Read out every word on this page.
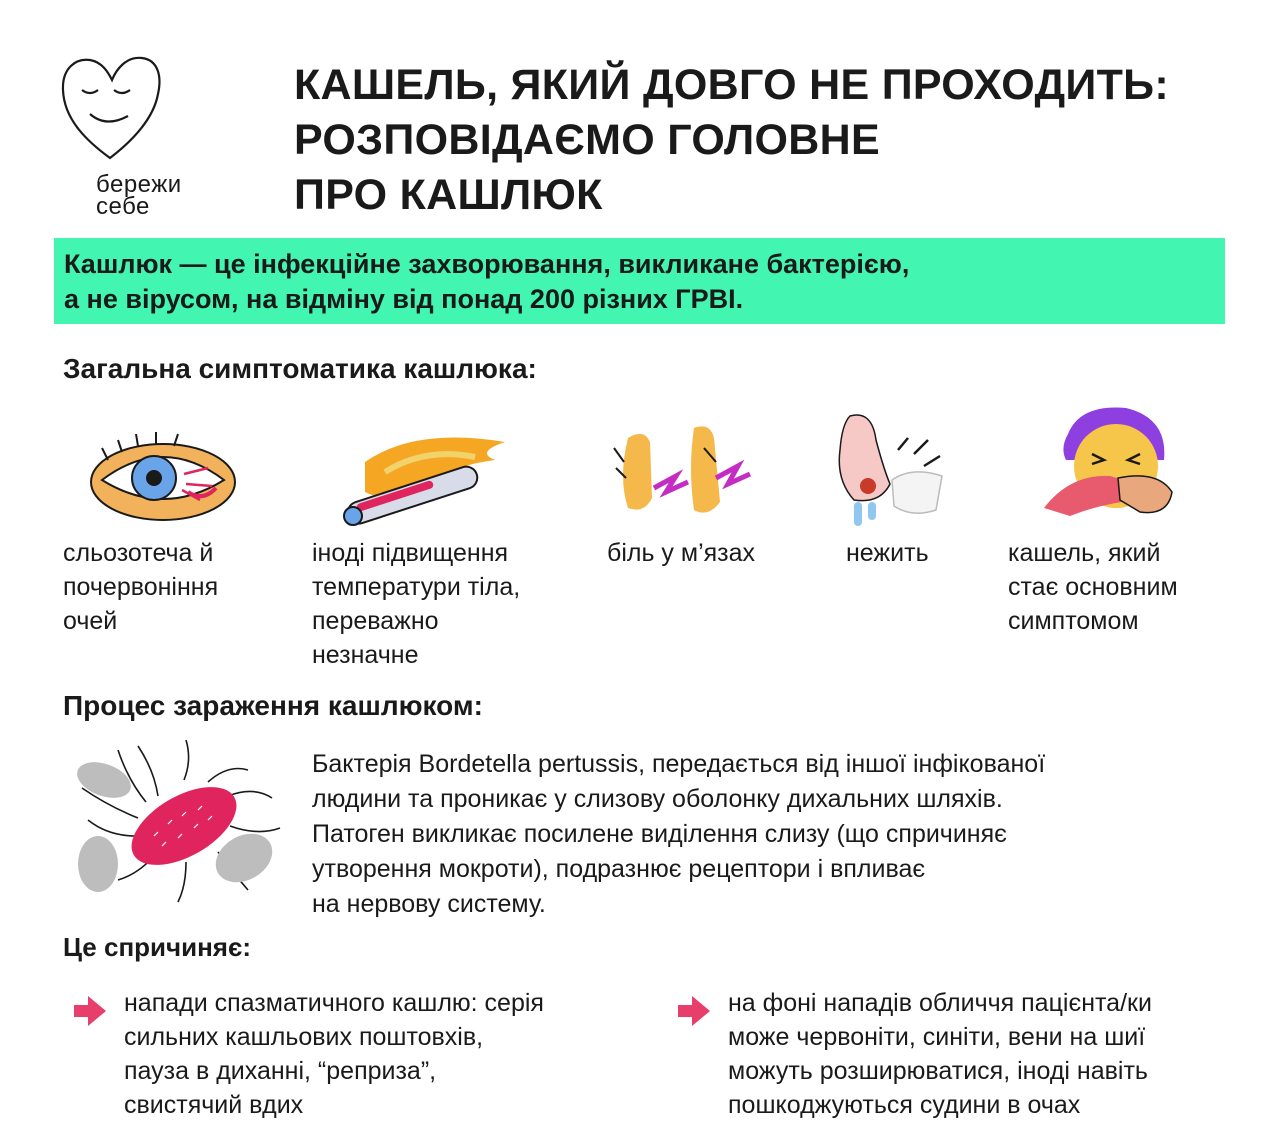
бережи
себе
КАШЕЛЬ, ЯКИЙ ДОВГО НЕ ПРОХОДИТЬ:
РОЗПОВІДАЄМО ГОЛОВНЕ
ПРО КАШЛЮК
Кашлюк — це інфекційне захворювання, викликане бактерією,
а не вірусом, на відміну від понад 200 різних ГРВІ.
Загальна симптоматика кашлюка:
сльозотеча й
почервоніння
очей
іноді підвищення
температури тіла,
переважно
незначне
біль у м’язах	нежить	кашель, який
стає основним
симптомом
Процес зараження кашлюком:
Бактерія Bordetella pertussis, передається від іншої інфікованої
людини та проникає у слизову оболонку дихальних шляхів.
Патоген викликає посилене виділення слизу (що спричиняє
утворення мокроти), подразнює рецептори і впливає
на нервову систему.
Це спричиняє:
напади спазматичного кашлю: серія
сильних кашльових поштовхів,
пауза в диханні, “реприза”,
свистячий вдих
на фоні нападів обличчя пацієнта/ки
може червоніти, синіти, вени на шиї
можуть розширюватися, іноді навіть
пошкоджуються судини в очах
